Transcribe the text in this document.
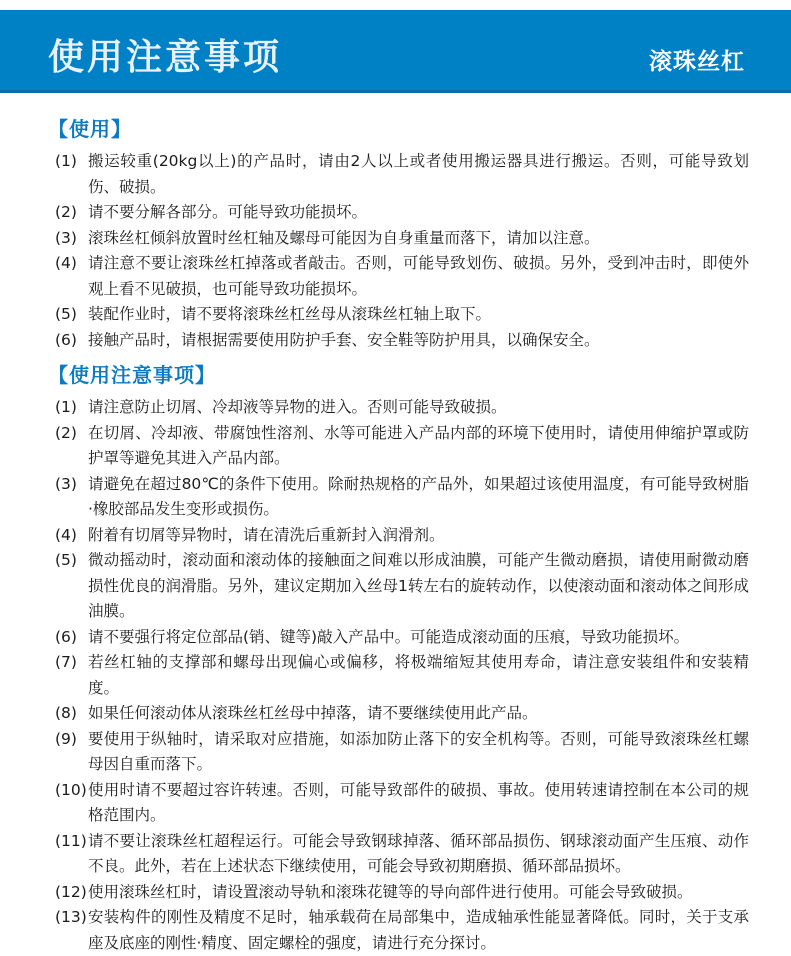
使用注意事项	滚珠丝杠
【使用】
(1) 搬运较重(20kg以上)的产品时，请由2人以上或者使用搬运器具进行搬运。否则，可能导致划伤、破损。
(2) 请不要分解各部分。可能导致功能损坏。
(3) 滚珠丝杠倾斜放置时丝杠轴及螺母可能因为自身重量而落下，请加以注意。
(4) 请注意不要让滚珠丝杠掉落或者敲击。否则，可能导致划伤、破损。另外，受到冲击时，即使外观上看不见破损，也可能导致功能损坏。
(5) 装配作业时，请不要将滚珠丝杠丝母从滚珠丝杠轴上取下。
(6) 接触产品时，请根据需要使用防护手套、安全鞋等防护用具，以确保安全。
【使用注意事项】
(1) 请注意防止切屑、冷却液等异物的进入。否则可能导致破损。
(2) 在切屑、冷却液、带腐蚀性溶剂、水等可能进入产品内部的环境下使用时，请使用伸缩护罩或防护罩等避免其进入产品内部。
(3) 请避免在超过80℃的条件下使用。除耐热规格的产品外，如果超过该使用温度，有可能导致树脂·橡胶部品发生变形或损伤。
(4) 附着有切屑等异物时，请在清洗后重新封入润滑剂。
(5) 微动摇动时，滚动面和滚动体的接触面之间难以形成油膜，可能产生微动磨损，请使用耐微动磨损性优良的润滑脂。另外，建议定期加入丝母1转左右的旋转动作，以使滚动面和滚动体之间形成油膜。
(6) 请不要强行将定位部品(销、键等)敲入产品中。可能造成滚动面的压痕，导致功能损坏。
(7) 若丝杠轴的支撑部和螺母出现偏心或偏移，将极端缩短其使用寿命，请注意安装组件和安装精度。
(8) 如果任何滚动体从滚珠丝杠丝母中掉落，请不要继续使用此产品。
(9) 要使用于纵轴时，请采取对应措施，如添加防止落下的安全机构等。否则，可能导致滚珠丝杠螺母因自重而落下。
(10) 使用时请不要超过容许转速。否则，可能导致部件的破损、事故。使用转速请控制在本公司的规格范围内。
(11) 请不要让滚珠丝杠超程运行。可能会导致钢球掉落、循环部品损伤、钢球滚动面产生压痕、动作不良。此外，若在上述状态下继续使用，可能会导致初期磨损、循环部品损坏。
(12) 使用滚珠丝杠时，请设置滚动导轨和滚珠花键等的导向部件进行使用。可能会导致破损。
(13) 安装构件的刚性及精度不足时，轴承载荷在局部集中，造成轴承性能显著降低。同时，关于支承座及底座的刚性·精度、固定螺栓的强度，请进行充分探讨。
